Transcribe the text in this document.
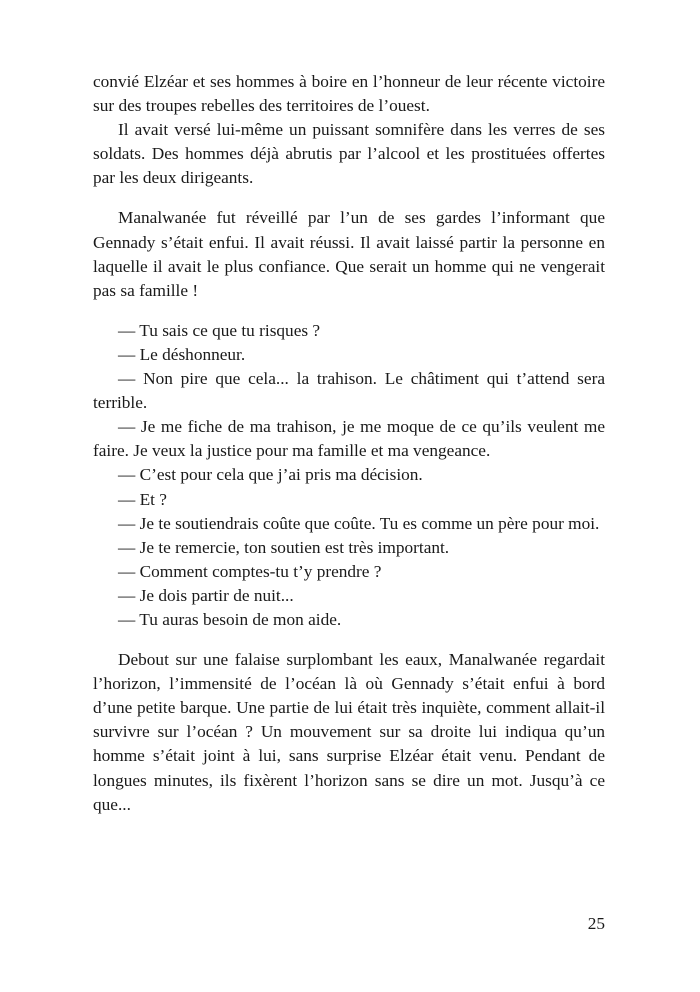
convié Elzéar et ses hommes à boire en l’honneur de leur récente victoire sur des troupes rebelles des territoires de l’ouest.

Il avait versé lui-même un puissant somnifère dans les verres de ses soldats. Des hommes déjà abrutis par l’alcool et les prostituées offertes par les deux dirigeants.

Manalwanée fut réveillé par l’un de ses gardes l’informant que Gennady s’était enfui. Il avait réussi. Il avait laissé partir la personne en laquelle il avait le plus confiance. Que serait un homme qui ne vengerait pas sa famille !

— Tu sais ce que tu risques ?

— Le déshonneur.

— Non pire que cela... la trahison. Le châtiment qui t’attend sera terrible.

— Je me fiche de ma trahison, je me moque de ce qu’ils veulent me faire. Je veux la justice pour ma famille et ma vengeance.

— C’est pour cela que j’ai pris ma décision.

— Et ?

— Je te soutiendrais coûte que coûte. Tu es comme un père pour moi.

— Je te remercie, ton soutien est très important.

— Comment comptes-tu t’y prendre ?

— Je dois partir de nuit...

— Tu auras besoin de mon aide.

Debout sur une falaise surplombant les eaux, Manalwanée regardait l’horizon, l’immensité de l’océan là où Gennady s’était enfui à bord d’une petite barque. Une partie de lui était très inquiète, comment allait-il survivre sur l’océan ? Un mouvement sur sa droite lui indiqua qu’un homme s’était joint à lui, sans surprise Elzéar était venu. Pendant de longues minutes, ils fixèrent l’horizon sans se dire un mot. Jusqu’à ce que...

25
